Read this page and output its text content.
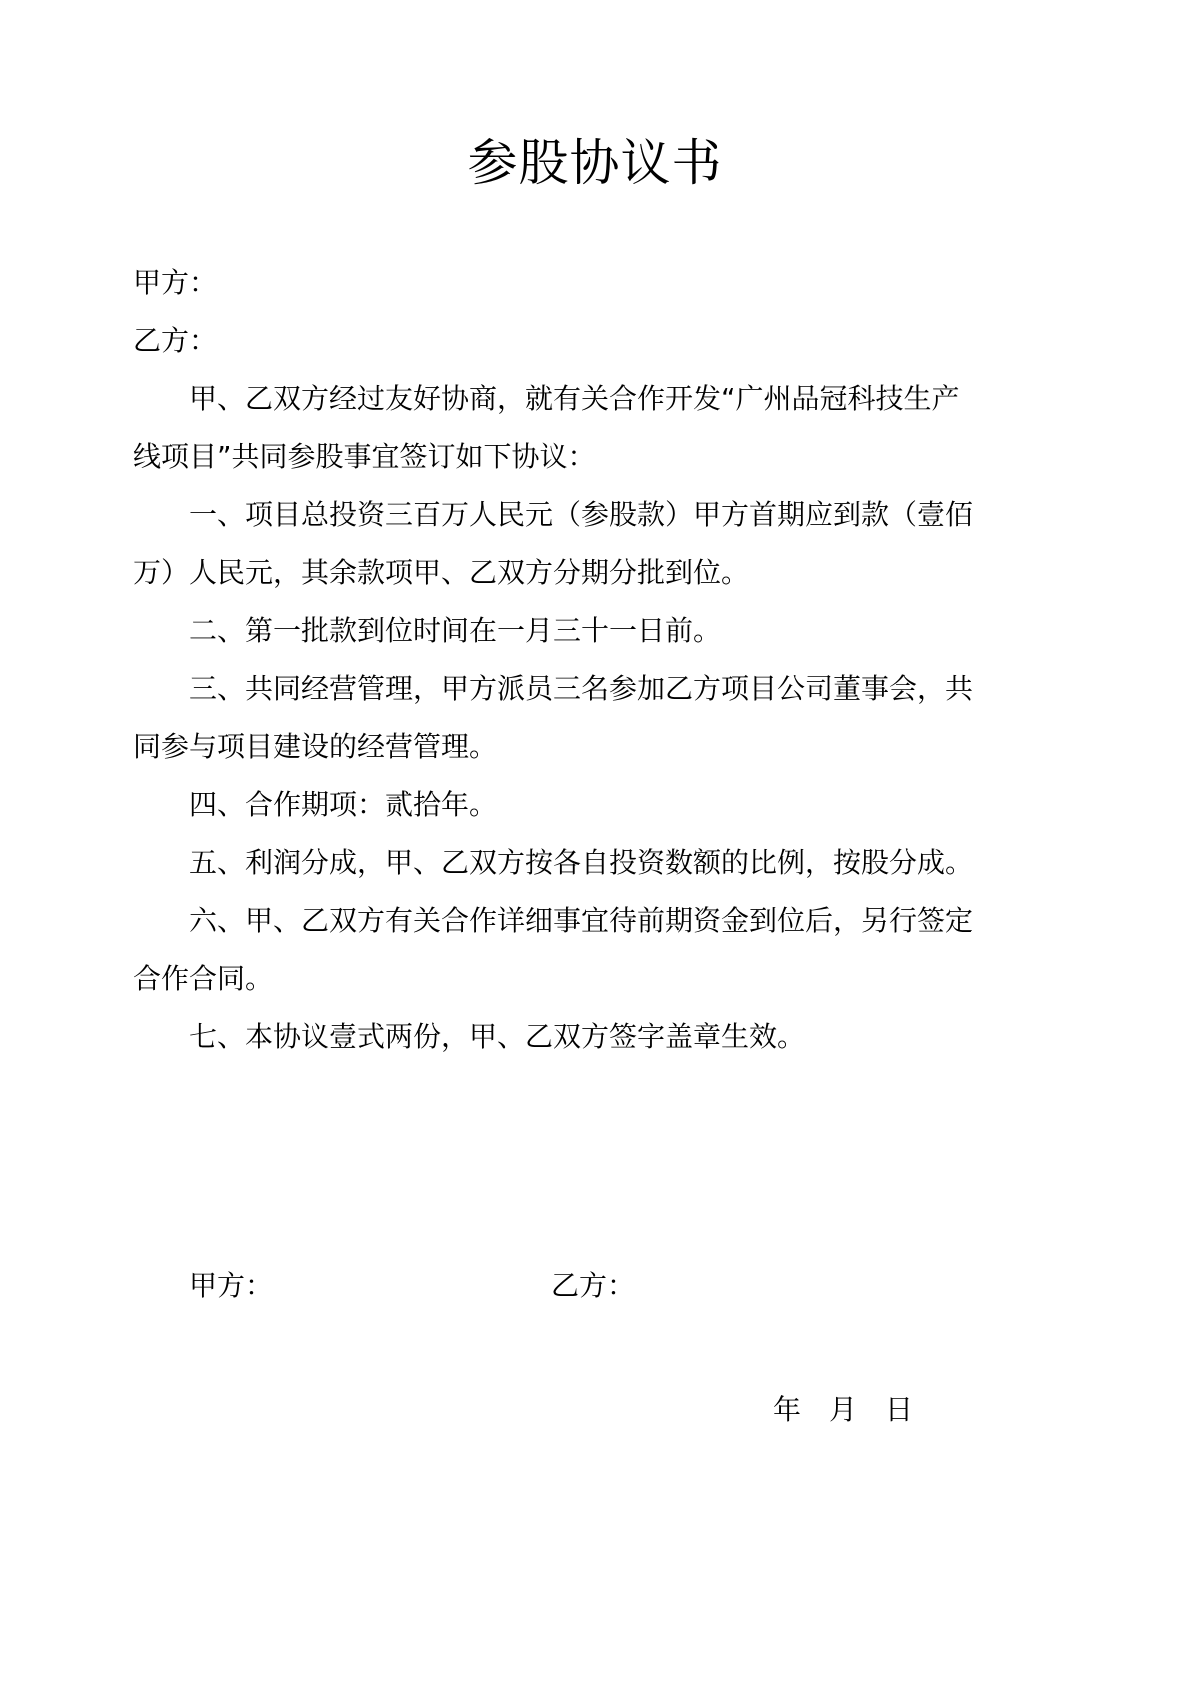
参股协议书
甲方：
乙方：
甲、乙双方经过友好协商，就有关合作开发“广州品冠科技生产
线项目”共同参股事宜签订如下协议：
一、项目总投资三百万人民元（参股款）甲方首期应到款（壹佰
万）人民元，其余款项甲、乙双方分期分批到位。
二、第一批款到位时间在一月三十一日前。
三、共同经营管理，甲方派员三名参加乙方项目公司董事会，共
同参与项目建设的经营管理。
四、合作期项：贰拾年。
五、利润分成，甲、乙双方按各自投资数额的比例，按股分成。
六、甲、乙双方有关合作详细事宜待前期资金到位后，另行签定
合作合同。
七、本协议壹式两份，甲、乙双方签字盖章生效。
甲方：	乙方：
年 月 日
